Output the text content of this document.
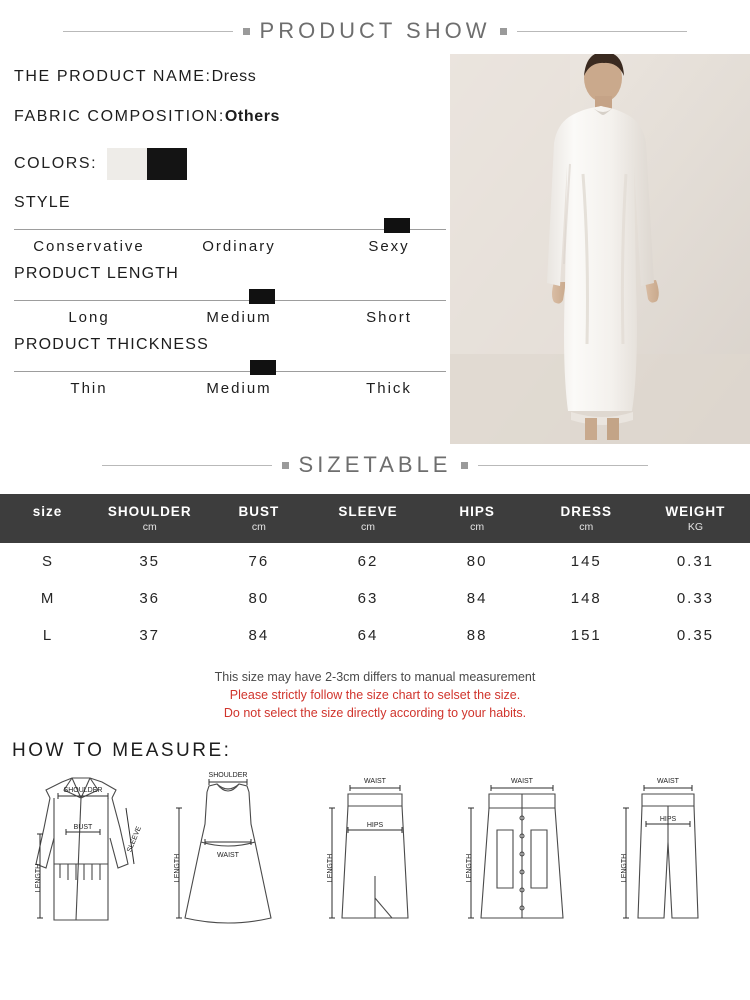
PRODUCT SHOW
THE PRODUCT NAME:Dress
FABRIC COMPOSITION:Others
COLORS:
STYLE
Conservative	Ordinary	Sexy
PRODUCT LENGTH
Long	Medium	Short
PRODUCT THICKNESS
Thin	Medium	Thick
SIZETABLE
size	SHOULDER	BUST	SLEEVE	HIPS	DRESS	WEIGHT
	cm	cm	cm	cm	cm	KG
S	35	76	62	80	145	0.31
M	36	80	63	84	148	0.33
L	37	84	64	88	151	0.35
This size may have 2-3cm differs to manual measurement
Please strictly follow the size chart to selset the size.
Do not select the size directly according to your habits.
HOW TO MEASURE:
SHOULDER
BUST
LENGTH
SLEEVE
SHOULDER
WAIST
LENGTH
WAIST
HIPS
LENGTH
WAIST
LENGTH
WAIST
HIPS
LENGTH
